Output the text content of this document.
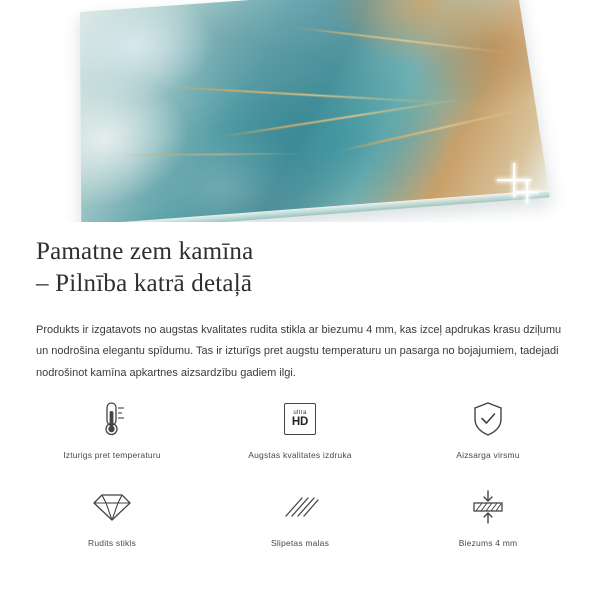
Pamatne zem kamīna
– Pilnība katrā detaļā

Produkts ir izgatavots no augstas kvalitates rudita stikla ar biezumu 4 mm, kas izceļ apdrukas krasu dziļumu un nodrošina elegantu spīdumu. Tas ir izturīgs pret augstu temperaturu un pasarga no bojajumiem, tadejadi nodrošinot kamīna apkartnes aizsardzību gadiem ilgi.

Izturigs pret temperaturu
ultra
HD
Augstas kvalitates izdruka	Aizsarga virsmu
Rudits stikls	Slipetas malas	Biezums 4 mm
